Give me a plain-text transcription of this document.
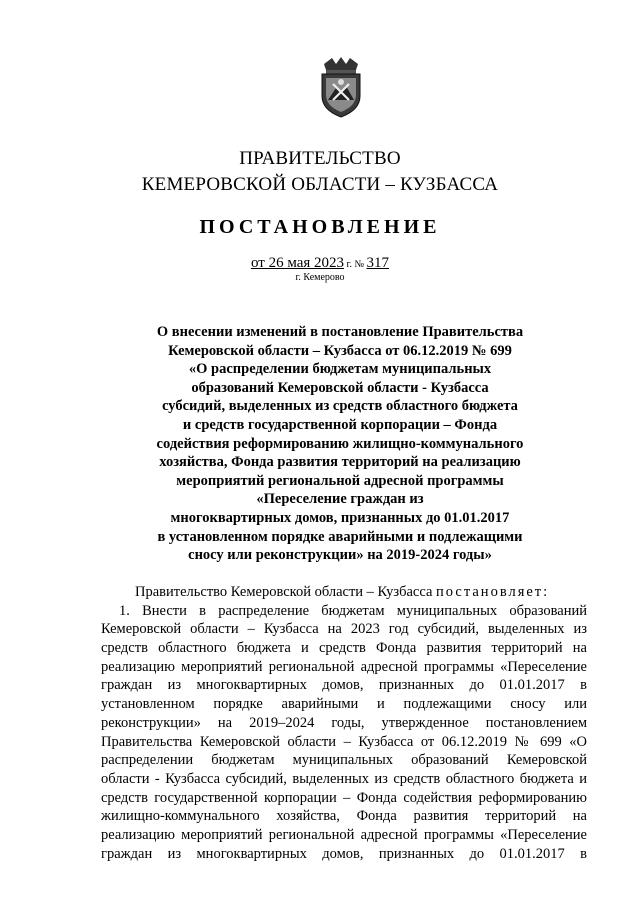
ПРАВИТЕЛЬСТВО
КЕМЕРОВСКОЙ ОБЛАСТИ – КУЗБАССА
ПОСТАНОВЛЕНИЕ
от 26 мая 2023 г. № 317
г. Кемерово
О внесении изменений в постановление Правительства
Кемеровской области – Кузбасса от 06.12.2019 № 699
«О распределении бюджетам муниципальных
образований Кемеровской области - Кузбасса
субсидий, выделенных из средств областного бюджета
и средств государственной корпорации – Фонда
содействия реформированию жилищно-коммунального
хозяйства, Фонда развития территорий на реализацию
мероприятий региональной адресной программы
«Переселение граждан из
многоквартирных домов, признанных до 01.01.2017
в установленном порядке аварийными и подлежащими
сносу или реконструкции» на 2019-2024 годы»
Правительство Кемеровской области – Кузбасса постановляет:
1. Внести в распределение бюджетам муниципальных образований
Кемеровской области – Кузбасса на 2023 год субсидий, выделенных из
средств областного бюджета и средств Фонда развития территорий на
реализацию мероприятий региональной адресной программы «Переселение
граждан из многоквартирных домов, признанных до 01.01.2017 в
установленном порядке аварийными и подлежащими сносу или
реконструкции» на 2019–2024 годы, утвержденное постановлением
Правительства Кемеровской области – Кузбасса от 06.12.2019 № 699 «О
распределении бюджетам муниципальных образований Кемеровской
области - Кузбасса субсидий, выделенных из средств областного бюджета и
средств государственной корпорации – Фонда содействия реформированию
жилищно-коммунального хозяйства, Фонда развития территорий на
реализацию мероприятий региональной адресной программы «Переселение
граждан из многоквартирных домов, признанных до 01.01.2017 в
